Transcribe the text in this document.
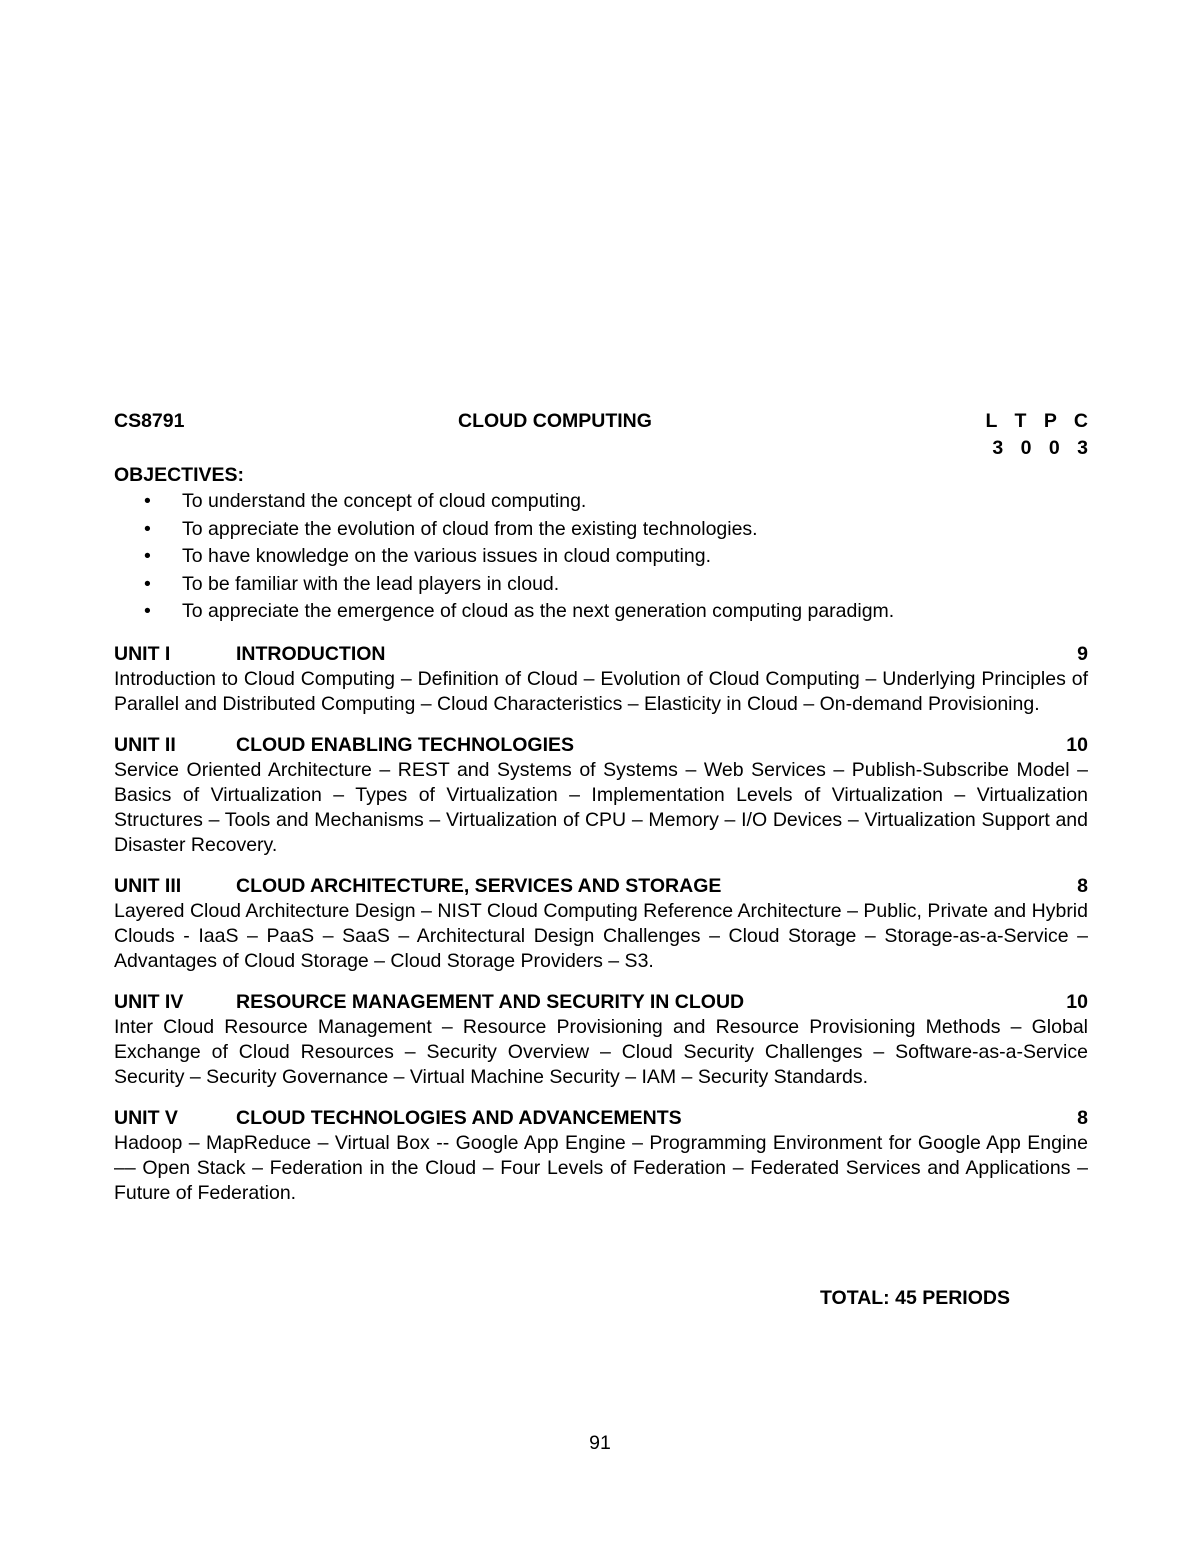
CS8791	CLOUD COMPUTING	L T P C
3 0 0 3
OBJECTIVES:
• To understand the concept of cloud computing.
• To appreciate the evolution of cloud from the existing technologies.
• To have knowledge on the various issues in cloud computing.
• To be familiar with the lead players in cloud.
• To appreciate the emergence of cloud as the next generation computing paradigm.
UNIT I	INTRODUCTION	9
Introduction to Cloud Computing – Definition of Cloud – Evolution of Cloud Computing – Underlying Principles of Parallel and Distributed Computing – Cloud Characteristics – Elasticity in Cloud – On-demand Provisioning.
UNIT II	CLOUD ENABLING TECHNOLOGIES	10
Service Oriented Architecture – REST and Systems of Systems – Web Services – Publish-Subscribe Model – Basics of Virtualization – Types of Virtualization – Implementation Levels of Virtualization – Virtualization Structures – Tools and Mechanisms – Virtualization of CPU – Memory – I/O Devices – Virtualization Support and Disaster Recovery.
UNIT III	CLOUD ARCHITECTURE, SERVICES AND STORAGE	8
Layered Cloud Architecture Design – NIST Cloud Computing Reference Architecture – Public, Private and Hybrid Clouds - IaaS – PaaS – SaaS – Architectural Design Challenges – Cloud Storage – Storage-as-a-Service – Advantages of Cloud Storage – Cloud Storage Providers – S3.
UNIT IV	RESOURCE MANAGEMENT AND SECURITY IN CLOUD	10
Inter Cloud Resource Management – Resource Provisioning and Resource Provisioning Methods – Global Exchange of Cloud Resources – Security Overview – Cloud Security Challenges – Software-as-a-Service Security – Security Governance – Virtual Machine Security – IAM – Security Standards.
UNIT V	CLOUD TECHNOLOGIES AND ADVANCEMENTS	8
Hadoop – MapReduce – Virtual Box -- Google App Engine – Programming Environment for Google App Engine –– Open Stack – Federation in the Cloud – Four Levels of Federation – Federated Services and Applications – Future of Federation.
TOTAL: 45 PERIODS
91
